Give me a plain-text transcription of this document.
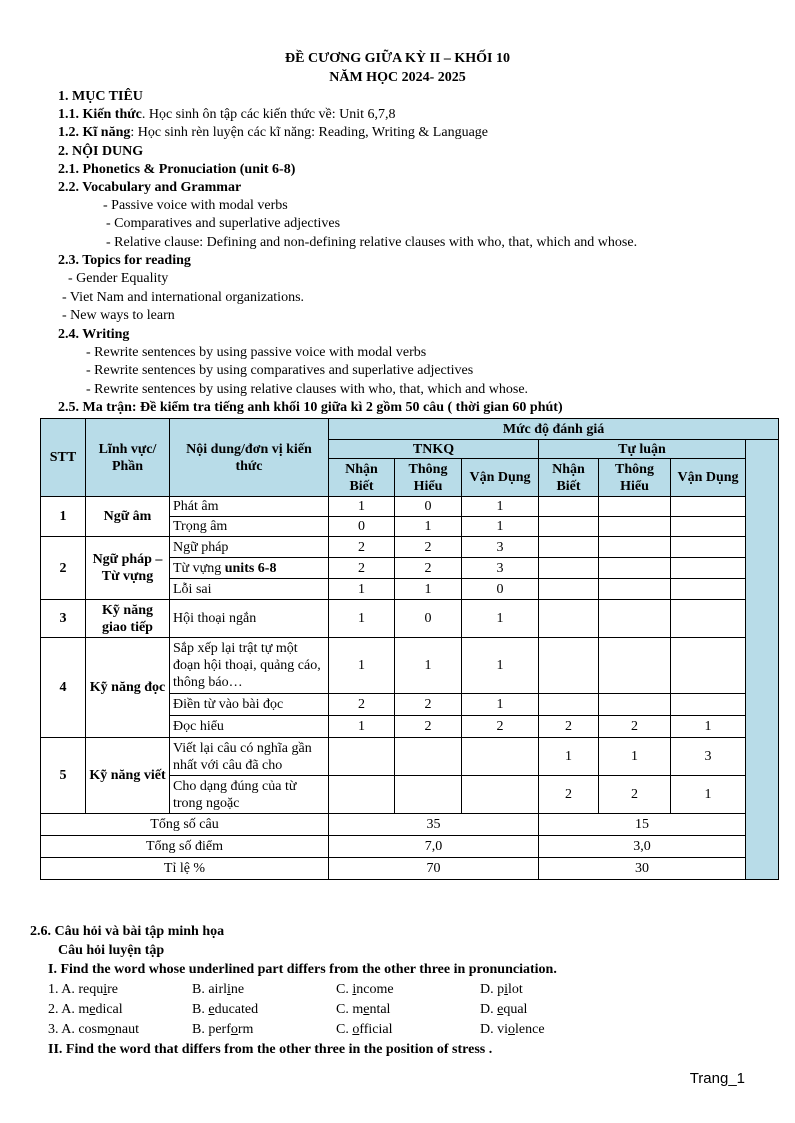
ĐỀ CƯƠNG GIỮA KỲ II – KHỐI 10
NĂM HỌC 2024- 2025
1. MỤC TIÊU
1.1. Kiến thức. Học sinh ôn tập các kiến thức về: Unit 6,7,8
1.2. Kĩ năng: Học sinh rèn luyện các kĩ năng: Reading, Writing & Language
2. NỘI DUNG
2.1. Phonetics & Pronuciation (unit 6-8)
2.2. Vocabulary and Grammar
- Passive voice with modal verbs
- Comparatives and superlative adjectives
- Relative clause: Defining and non-defining relative clauses with who, that, which and whose.
2.3. Topics for reading
- Gender Equality
- Viet Nam and international organizations.
- New ways to learn
2.4. Writing
- Rewrite sentences by using passive voice with modal verbs
- Rewrite sentences by using comparatives and superlative adjectives
- Rewrite sentences by using relative clauses with who, that, which and whose.
2.5. Ma trận: Đề kiểm tra tiếng anh khối 10 giữa kì 2 gồm 50 câu ( thời gian 60 phút)
STT	Lĩnh vực/ Phần	Nội dung/đơn vị kiến thức	Mức độ đánh giá							
			TNKQ			Tự luận				
			Nhận Biết	Thông Hiểu	Vận Dụng	Nhận Biết	Thông Hiểu	Vận Dụng		
1	Ngữ âm	Phát âm	1	0	1					
		Trọng âm	0	1	1					
2	Ngữ pháp – Từ vựng	Ngữ pháp	2	2	3					
		Từ vựng units 6-8	2	2	3					
		Lỗi sai	1	1	0					
3	Kỹ năng giao tiếp	Hội thoại ngắn	1	0	1					
4	Kỹ năng đọc	Sắp xếp lại trật tự một đoạn hội thoại, quảng cáo, thông báo…	1	1	1					
		Điền từ vào bài đọc	2	2	1					
		Đọc hiểu	1	2	2	2	2	1		
5	Kỹ năng viết	Viết lại câu có nghĩa gần nhất với câu đã cho				1	1	3		
		Cho dạng đúng của từ trong ngoặc				2	2	1		
Tổng số câu			35			15				
Tổng số điểm			7,0			3,0				
Tỉ lệ %			70			30				
2.6. Câu hỏi và bài tập minh họa
Câu hỏi luyện tập
I. Find the word whose underlined part differs from the other three in pronunciation.
1. A. require	B. airline	C. income	D. pilot
2. A. medical	B. educated	C. mental	D. equal
3. A. cosmonaut	B. perform	C. official	D. violence
II. Find the word that differs from the other three in the position of stress .
Trang_1
